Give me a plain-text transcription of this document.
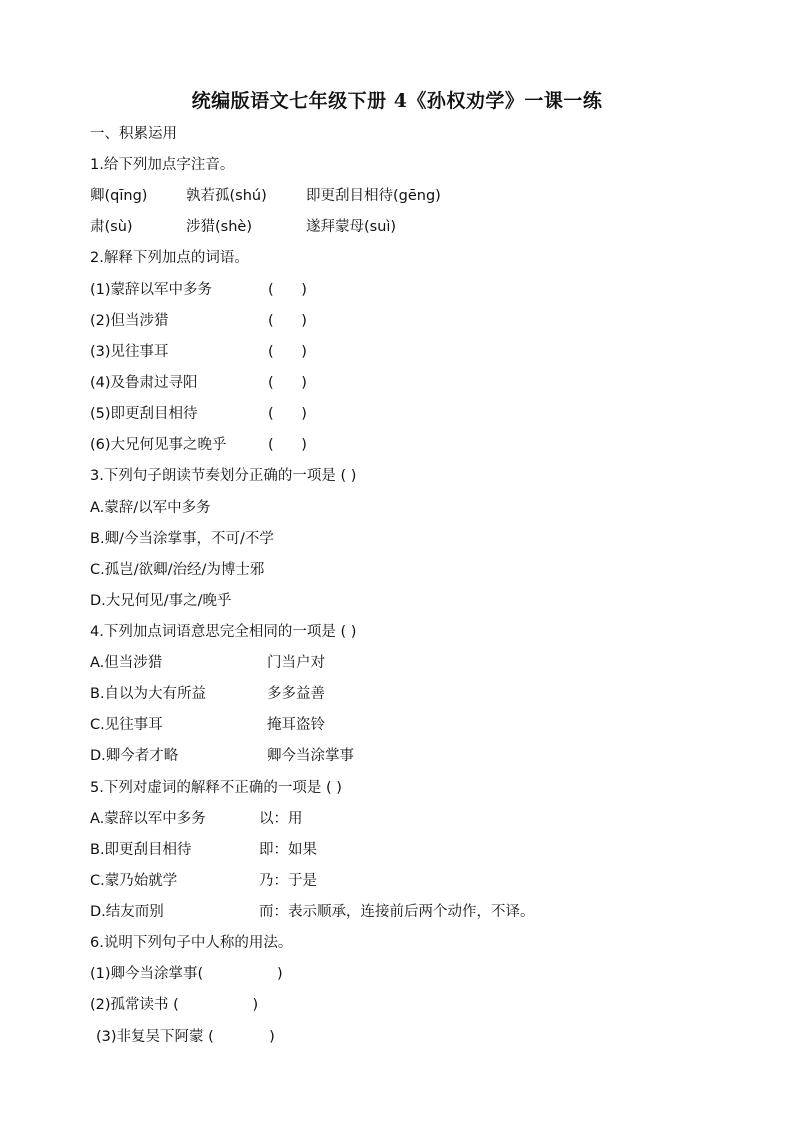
统编版语文七年级下册 4《孙权劝学》一课一练
一、积累运用
1.给下列加点字注音。
卿(qīng)	孰若孤(shú)	即更刮目相待(gēng)
肃(sù)	涉猎(shè)	遂拜蒙母(suì)
2.解释下列加点的词语。
(1)蒙辞以军中多务	(      )
(2)但当涉猎	(      )
(3)见往事耳	(      )
(4)及鲁肃过寻阳	(      )
(5)即更刮目相待	(      )
(6)大兄何见事之晚乎	(      )
3.下列句子朗读节奏划分正确的一项是 ( )
A.蒙辞/以军中多务
B.卿/今当涂掌事，不可/不学
C.孤岂/欲卿/治经/为博士邪
D.大兄何见/事之/晚乎
4.下列加点词语意思完全相同的一项是 ( )
A.但当涉猎	门当户对
B.自以为大有所益	多多益善
C.见往事耳	掩耳盗铃
D.卿今者才略	卿今当涂掌事
5.下列对虚词的解释不正确的一项是 ( )
A.蒙辞以军中多务	以：用
B.即更刮目相待	即：如果
C.蒙乃始就学	乃：于是
D.结友而别	而：表示顺承，连接前后两个动作，不译。
6.说明下列句子中人称的用法。
(1)卿今当涂掌事(                )
(2)孤常读书 (                )
(3)非复吴下阿蒙 (            )
